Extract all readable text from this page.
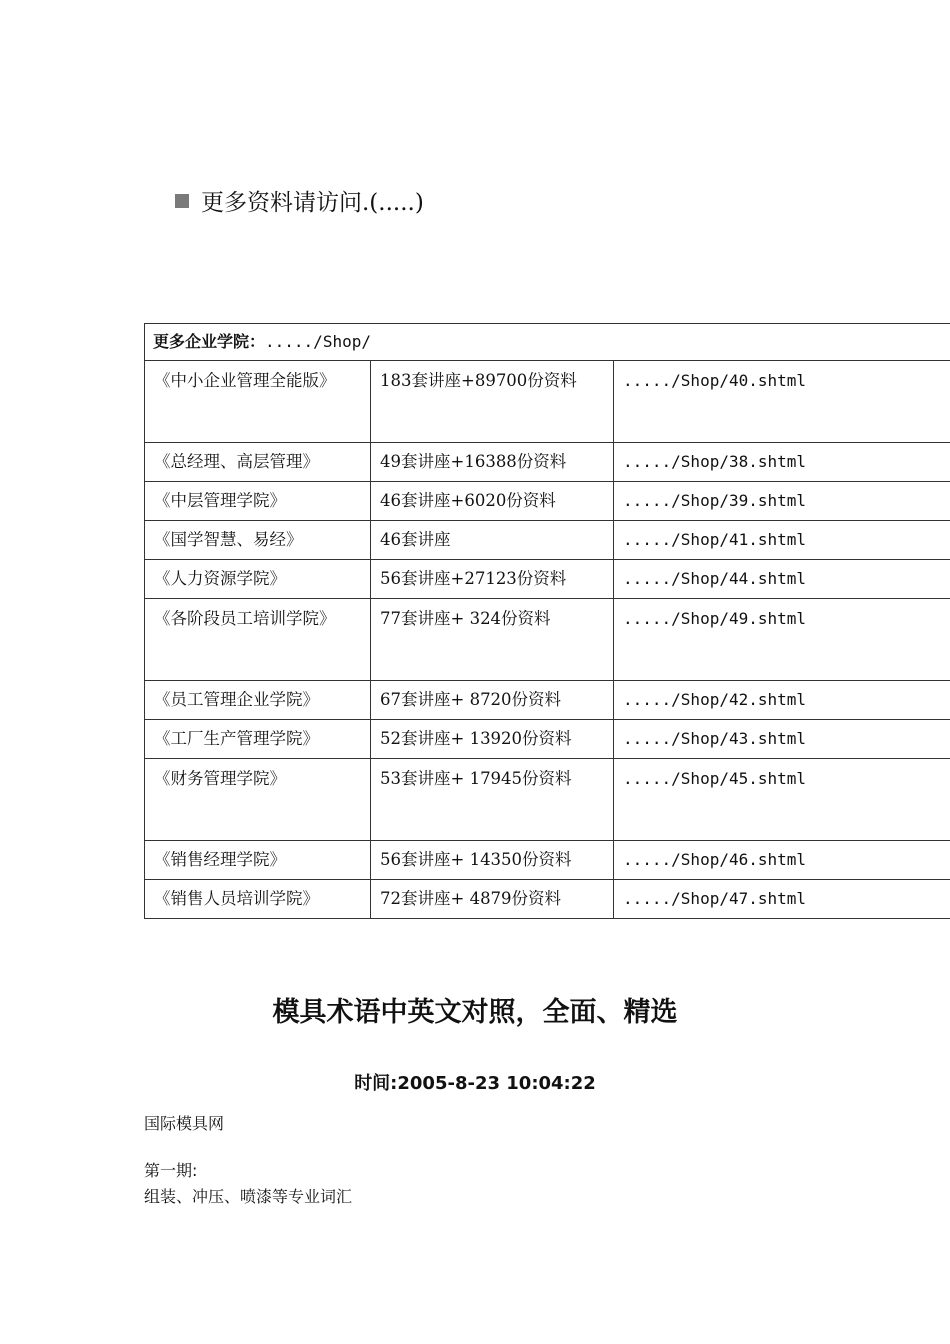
更多资料请访问.(.....)
更多企业学院：...../Shop/		
《中小企业管理全能版》	183套讲座+89700份资料	...../Shop/40.shtml
《总经理、高层管理》	49套讲座+16388份资料	...../Shop/38.shtml
《中层管理学院》	46套讲座+6020份资料	...../Shop/39.shtml
《国学智慧、易经》	46套讲座	...../Shop/41.shtml
《人力资源学院》	56套讲座+27123份资料	...../Shop/44.shtml
《各阶段员工培训学院》	77套讲座+ 324份资料	...../Shop/49.shtml
《员工管理企业学院》	67套讲座+ 8720份资料	...../Shop/42.shtml
《工厂生产管理学院》	52套讲座+ 13920份资料	...../Shop/43.shtml
《财务管理学院》	53套讲座+ 17945份资料	...../Shop/45.shtml
《销售经理学院》	56套讲座+ 14350份资料	...../Shop/46.shtml
《销售人员培训学院》	72套讲座+ 4879份资料	...../Shop/47.shtml
模具术语中英文对照，全面、精选
时间:2005-8-23 10:04:22
国际模具网
第一期:
组装、冲压、喷漆等专业词汇
